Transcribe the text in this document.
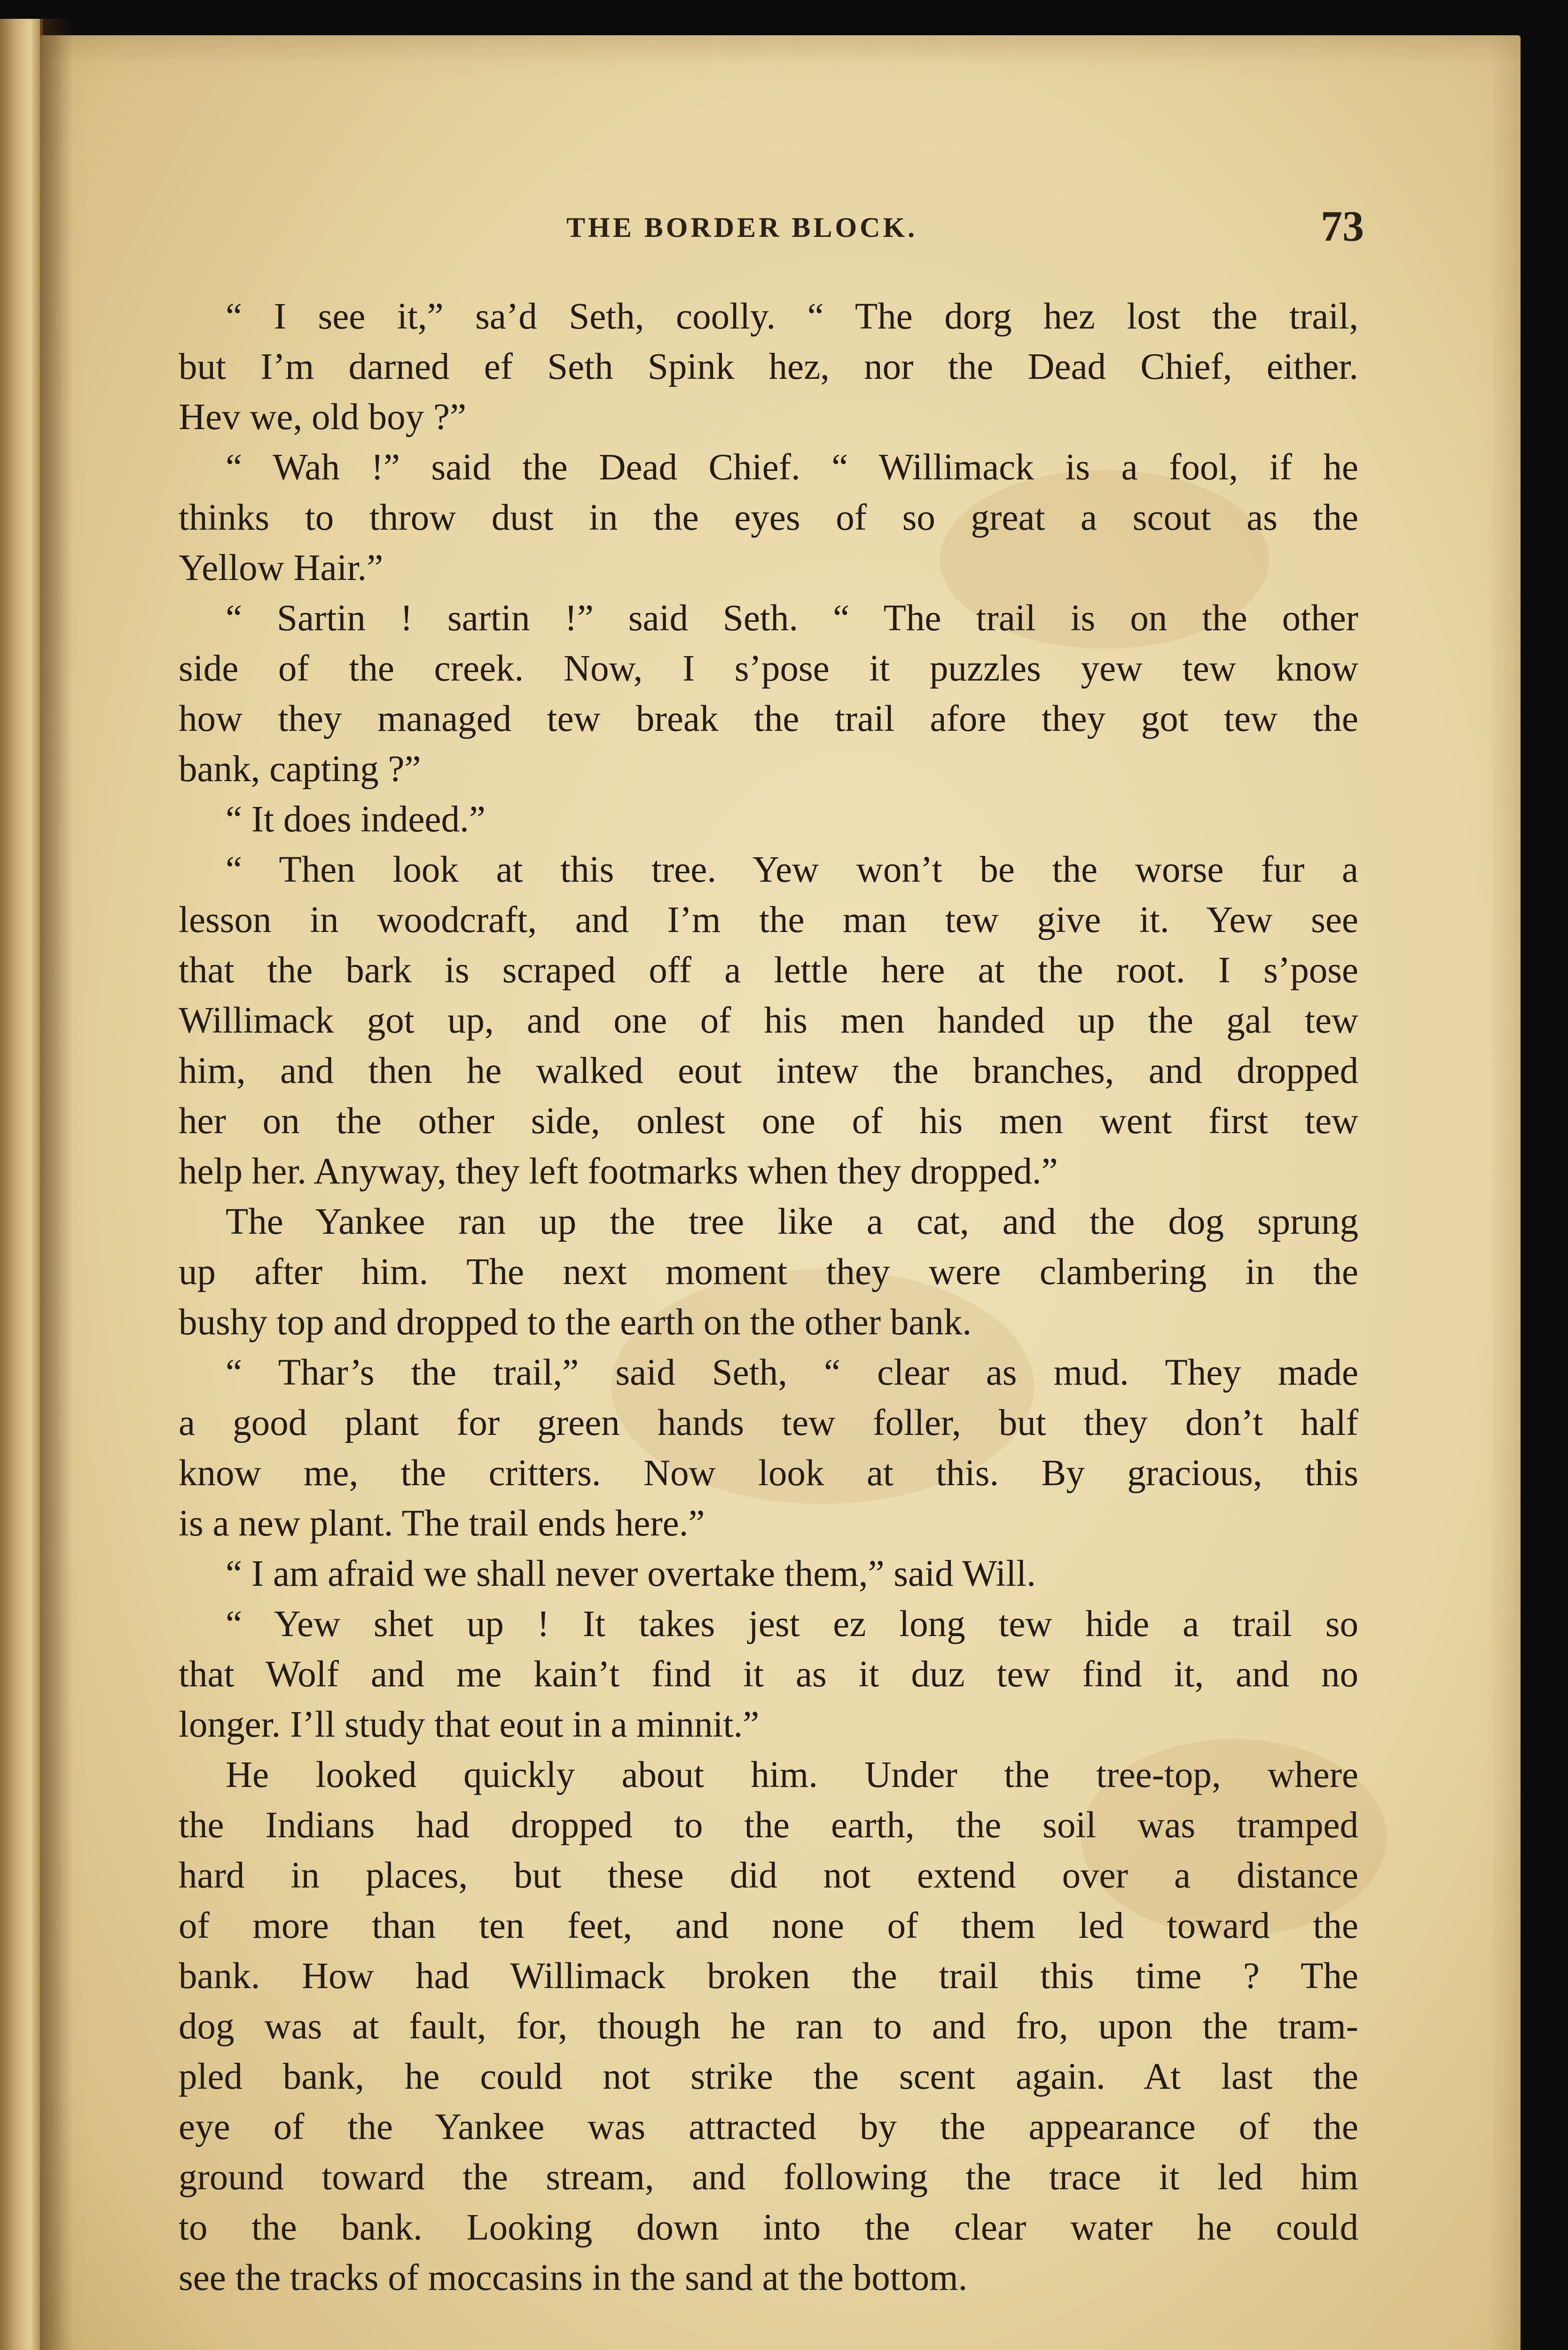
THE BORDER BLOCK.	73
“ I see it,” sa’d Seth, coolly. “ The dorg hez lost the trail,
but I’m darned ef Seth Spink hez, nor the Dead Chief, either.
Hev we, old boy ?”
“ Wah !” said the Dead Chief. “ Willimack is a fool, if he
thinks to throw dust in the eyes of so great a scout as the
Yellow Hair.”
“ Sartin ! sartin !” said Seth. “ The trail is on the other
side of the creek. Now, I s’pose it puzzles yew tew know
how they managed tew break the trail afore they got tew the
bank, capting ?”
“ It does indeed.”
“ Then look at this tree. Yew won’t be the worse fur a
lesson in woodcraft, and I’m the man tew give it. Yew see
that the bark is scraped off a lettle here at the root. I s’pose
Willimack got up, and one of his men handed up the gal tew
him, and then he walked eout intew the branches, and dropped
her on the other side, onlest one of his men went first tew
help her. Anyway, they left footmarks when they dropped.”
The Yankee ran up the tree like a cat, and the dog sprung
up after him. The next moment they were clambering in the
bushy top and dropped to the earth on the other bank.
“ Thar’s the trail,” said Seth, “ clear as mud. They made
a good plant for green hands tew foller, but they don’t half
know me, the critters. Now look at this. By gracious, this
is a new plant. The trail ends here.”
“ I am afraid we shall never overtake them,” said Will.
“ Yew shet up ! It takes jest ez long tew hide a trail so
that Wolf and me kain’t find it as it duz tew find it, and no
longer. I’ll study that eout in a minnit.”
He looked quickly about him. Under the tree-top, where
the Indians had dropped to the earth, the soil was tramped
hard in places, but these did not extend over a distance
of more than ten feet, and none of them led toward the
bank. How had Willimack broken the trail this time ? The
dog was at fault, for, though he ran to and fro, upon the tram-
pled bank, he could not strike the scent again. At last the
eye of the Yankee was attracted by the appearance of the
ground toward the stream, and following the trace it led him
to the bank. Looking down into the clear water he could
see the tracks of moccasins in the sand at the bottom.
